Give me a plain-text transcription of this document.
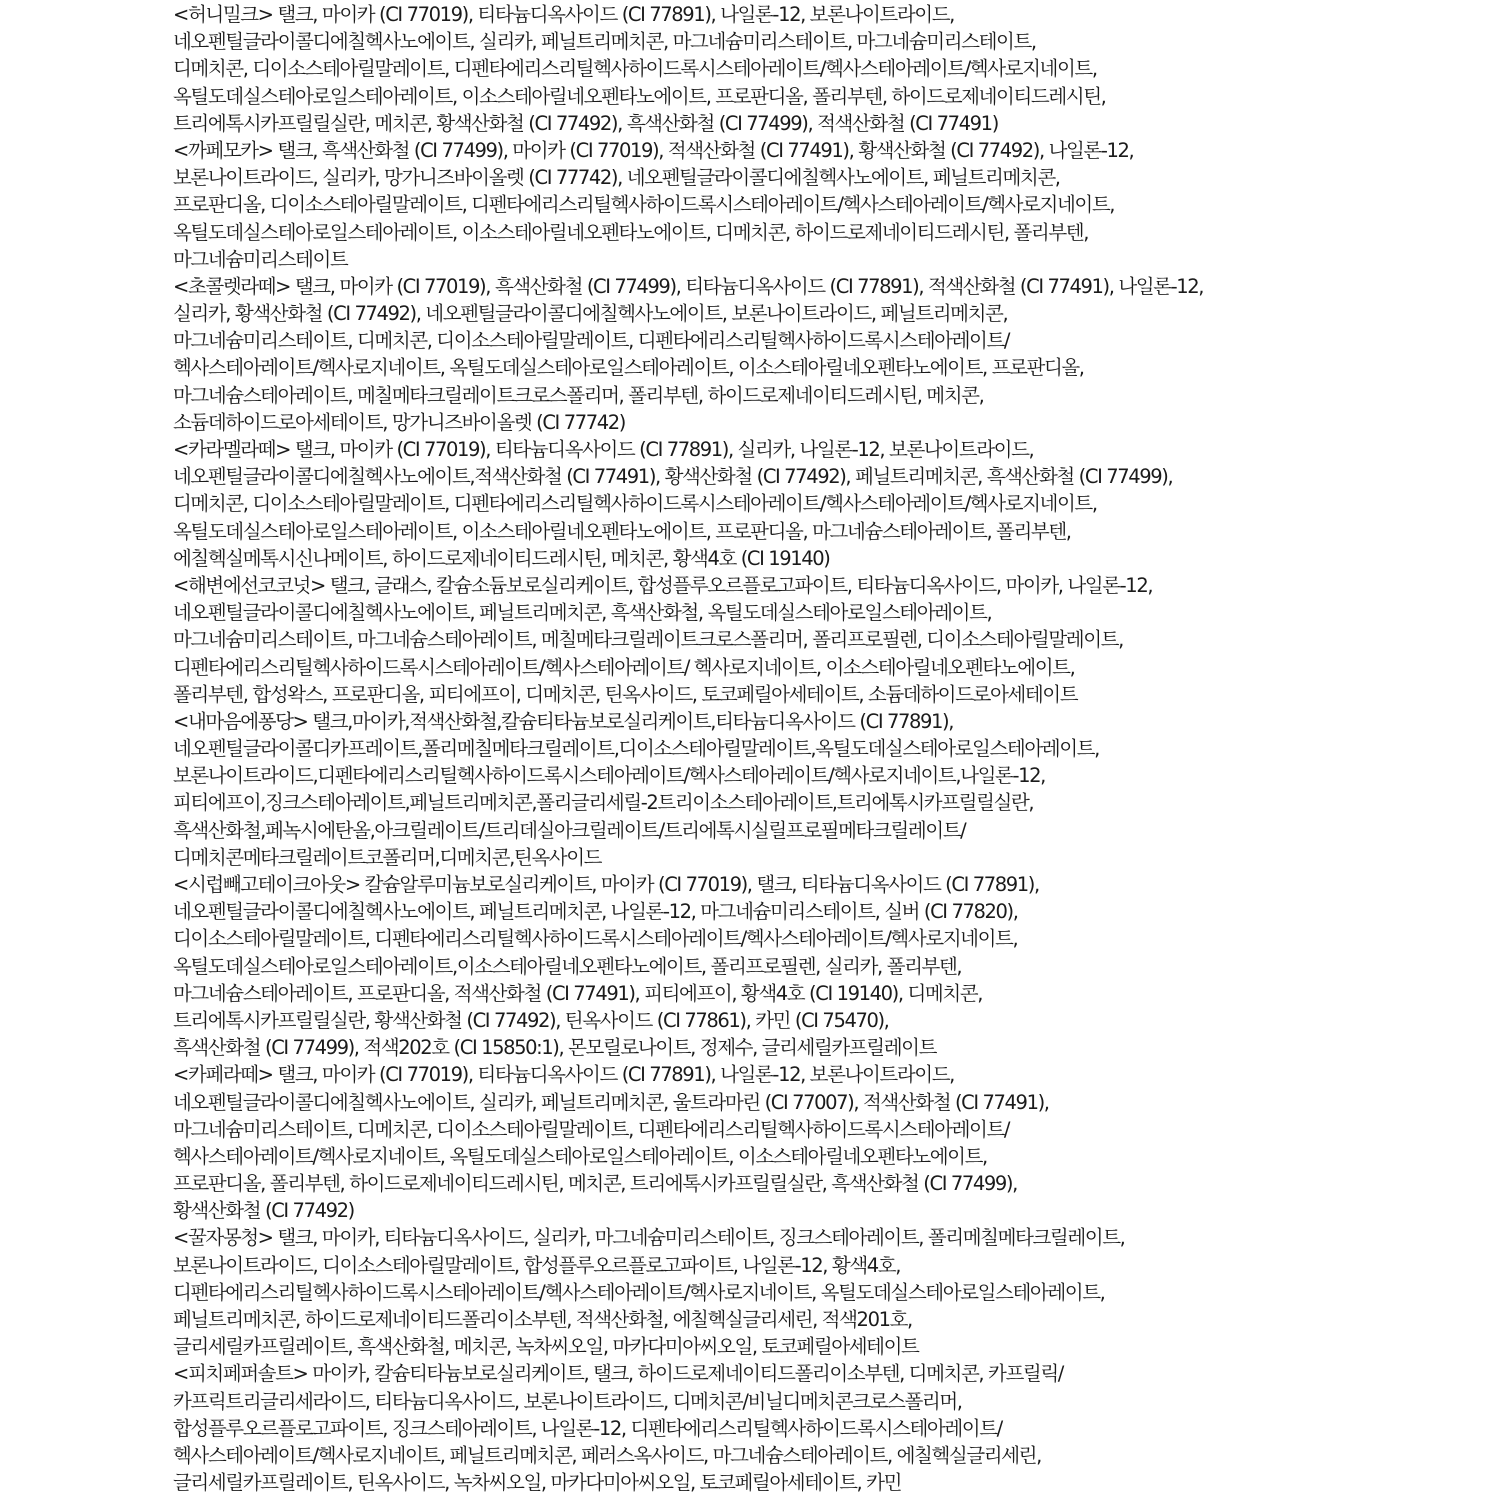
<허니밀크> 탤크, 마이카 (CI 77019), 티타늄디옥사이드 (CI 77891), 나일론-12, 보론나이트라이드,
네오펜틸글라이콜디에칠헥사노에이트, 실리카, 페닐트리메치콘, 마그네슘미리스테이트, 마그네슘미리스테이트,
디메치콘, 디이소스테아릴말레이트, 디펜타에리스리틸헥사하이드록시스테아레이트/헥사스테아레이트/헥사로지네이트,
옥틸도데실스테아로일스테아레이트, 이소스테아릴네오펜타노에이트, 프로판디올, 폴리부텐, 하이드로제네이티드레시틴,
트리에톡시카프릴릴실란, 메치콘, 황색산화철 (CI 77492), 흑색산화철 (CI 77499), 적색산화철 (CI 77491)
<까페모카> 탤크, 흑색산화철 (CI 77499), 마이카 (CI 77019), 적색산화철 (CI 77491), 황색산화철 (CI 77492), 나일론-12,
보론나이트라이드, 실리카, 망가니즈바이올렛 (CI 77742), 네오펜틸글라이콜디에칠헥사노에이트, 페닐트리메치콘,
프로판디올, 디이소스테아릴말레이트, 디펜타에리스리틸헥사하이드록시스테아레이트/헥사스테아레이트/헥사로지네이트,
옥틸도데실스테아로일스테아레이트, 이소스테아릴네오펜타노에이트, 디메치콘, 하이드로제네이티드레시틴, 폴리부텐,
마그네슘미리스테이트
<초콜렛라떼> 탤크, 마이카 (CI 77019), 흑색산화철 (CI 77499), 티타늄디옥사이드 (CI 77891), 적색산화철 (CI 77491), 나일론-12,
실리카, 황색산화철 (CI 77492), 네오펜틸글라이콜디에칠헥사노에이트, 보론나이트라이드, 페닐트리메치콘,
마그네슘미리스테이트, 디메치콘, 디이소스테아릴말레이트, 디펜타에리스리틸헥사하이드록시스테아레이트/
헥사스테아레이트/헥사로지네이트, 옥틸도데실스테아로일스테아레이트, 이소스테아릴네오펜타노에이트, 프로판디올,
마그네슘스테아레이트, 메칠메타크릴레이트크로스폴리머, 폴리부텐, 하이드로제네이티드레시틴, 메치콘,
소듐데하이드로아세테이트, 망가니즈바이올렛 (CI 77742)
<카라멜라떼> 탤크, 마이카 (CI 77019), 티타늄디옥사이드 (CI 77891), 실리카, 나일론-12, 보론나이트라이드,
네오펜틸글라이콜디에칠헥사노에이트,적색산화철 (CI 77491), 황색산화철 (CI 77492), 페닐트리메치콘, 흑색산화철 (CI 77499),
디메치콘, 디이소스테아릴말레이트, 디펜타에리스리틸헥사하이드록시스테아레이트/헥사스테아레이트/헥사로지네이트,
옥틸도데실스테아로일스테아레이트, 이소스테아릴네오펜타노에이트, 프로판디올, 마그네슘스테아레이트, 폴리부텐,
에칠헥실메톡시신나메이트, 하이드로제네이티드레시틴, 메치콘, 황색4호 (CI 19140)
<해변에선코코넛> 탤크, 글래스, 칼슘소듐보로실리케이트, 합성플루오르플로고파이트, 티타늄디옥사이드, 마이카, 나일론-12,
네오펜틸글라이콜디에칠헥사노에이트, 페닐트리메치콘, 흑색산화철, 옥틸도데실스테아로일스테아레이트,
마그네슘미리스테이트, 마그네슘스테아레이트, 메칠메타크릴레이트크로스폴리머, 폴리프로필렌, 디이소스테아릴말레이트,
디펜타에리스리틸헥사하이드록시스테아레이트/헥사스테아레이트/ 헥사로지네이트, 이소스테아릴네오펜타노에이트,
폴리부텐, 합성왁스, 프로판디올, 피티에프이, 디메치콘, 틴옥사이드, 토코페릴아세테이트, 소듐데하이드로아세테이트
<내마음에퐁당> 탤크,마이카,적색산화철,칼슘티타늄보로실리케이트,티타늄디옥사이드 (CI 77891),
네오펜틸글라이콜디카프레이트,폴리메칠메타크릴레이트,디이소스테아릴말레이트,옥틸도데실스테아로일스테아레이트,
보론나이트라이드,디펜타에리스리틸헥사하이드록시스테아레이트/헥사스테아레이트/헥사로지네이트,나일론-12,
피티에프이,징크스테아레이트,페닐트리메치콘,폴리글리세릴-2트리이소스테아레이트,트리에톡시카프릴릴실란,
흑색산화철,페녹시에탄올,아크릴레이트/트리데실아크릴레이트/트리에톡시실릴프로필메타크릴레이트/
디메치콘메타크릴레이트코폴리머,디메치콘,틴옥사이드
<시럽빼고테이크아웃> 칼슘알루미늄보로실리케이트, 마이카 (CI 77019), 탤크, 티타늄디옥사이드 (CI 77891),
네오펜틸글라이콜디에칠헥사노에이트, 페닐트리메치콘, 나일론-12, 마그네슘미리스테이트, 실버 (CI 77820),
디이소스테아릴말레이트, 디펜타에리스리틸헥사하이드록시스테아레이트/헥사스테아레이트/헥사로지네이트,
옥틸도데실스테아로일스테아레이트,이소스테아릴네오펜타노에이트, 폴리프로필렌, 실리카, 폴리부텐,
마그네슘스테아레이트, 프로판디올, 적색산화철 (CI 77491), 피티에프이, 황색4호 (CI 19140), 디메치콘,
트리에톡시카프릴릴실란, 황색산화철 (CI 77492), 틴옥사이드 (CI 77861), 카민 (CI 75470),
흑색산화철 (CI 77499), 적색202호 (CI 15850:1), 몬모릴로나이트, 정제수, 글리세릴카프릴레이트
<카페라떼> 탤크, 마이카 (CI 77019), 티타늄디옥사이드 (CI 77891), 나일론-12, 보론나이트라이드,
네오펜틸글라이콜디에칠헥사노에이트, 실리카, 페닐트리메치콘, 울트라마린 (CI 77007), 적색산화철 (CI 77491),
마그네슘미리스테이트, 디메치콘, 디이소스테아릴말레이트, 디펜타에리스리틸헥사하이드록시스테아레이트/
헥사스테아레이트/헥사로지네이트, 옥틸도데실스테아로일스테아레이트, 이소스테아릴네오펜타노에이트,
프로판디올, 폴리부텐, 하이드로제네이티드레시틴, 메치콘, 트리에톡시카프릴릴실란, 흑색산화철 (CI 77499),
황색산화철 (CI 77492)
<꿀자몽청> 탤크, 마이카, 티타늄디옥사이드, 실리카, 마그네슘미리스테이트, 징크스테아레이트, 폴리메칠메타크릴레이트,
보론나이트라이드, 디이소스테아릴말레이트, 합성플루오르플로고파이트, 나일론-12, 황색4호,
디펜타에리스리틸헥사하이드록시스테아레이트/헥사스테아레이트/헥사로지네이트, 옥틸도데실스테아로일스테아레이트,
페닐트리메치콘, 하이드로제네이티드폴리이소부텐, 적색산화철, 에칠헥실글리세린, 적색201호,
글리세릴카프릴레이트, 흑색산화철, 메치콘, 녹차씨오일, 마카다미아씨오일, 토코페릴아세테이트
<피치페퍼솔트> 마이카, 칼슘티타늄보로실리케이트, 탤크, 하이드로제네이티드폴리이소부텐, 디메치콘, 카프릴릭/
카프릭트리글리세라이드, 티타늄디옥사이드, 보론나이트라이드, 디메치콘/비닐디메치콘크로스폴리머,
합성플루오르플로고파이트, 징크스테아레이트, 나일론-12, 디펜타에리스리틸헥사하이드록시스테아레이트/
헥사스테아레이트/헥사로지네이트, 페닐트리메치콘, 페러스옥사이드, 마그네슘스테아레이트, 에칠헥실글리세린,
글리세릴카프릴레이트, 틴옥사이드, 녹차씨오일, 마카다미아씨오일, 토코페릴아세테이트, 카민
